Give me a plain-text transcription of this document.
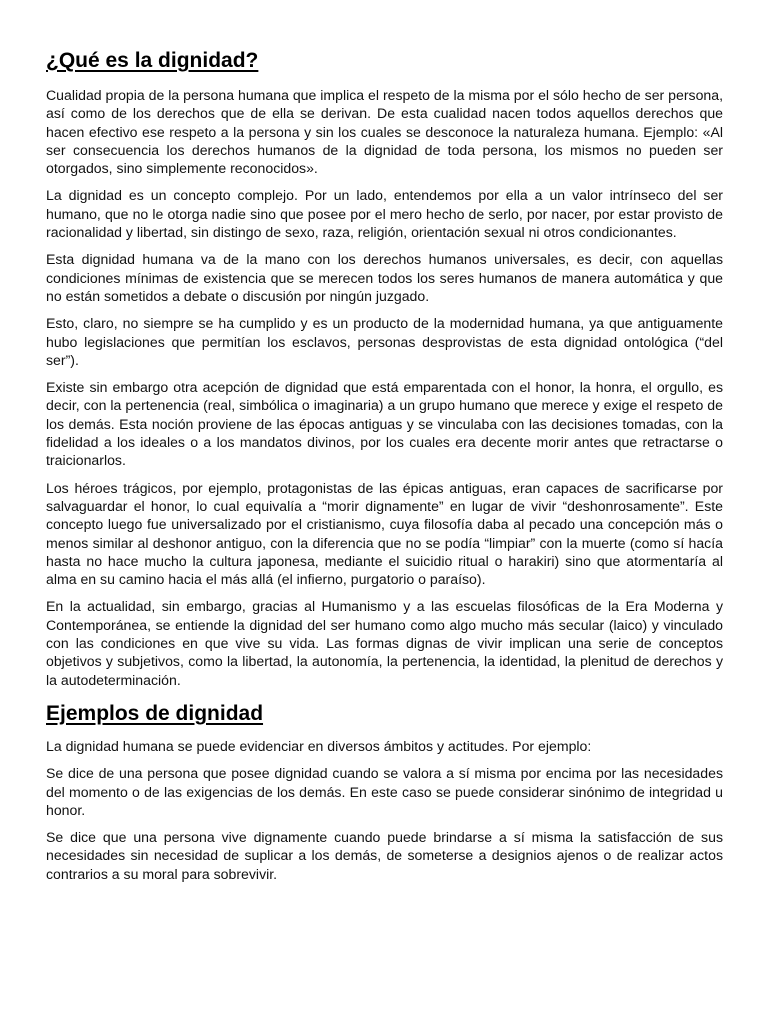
¿Qué es la dignidad?

Cualidad propia de la persona humana que implica el respeto de la misma por el sólo hecho de ser persona, así como de los derechos que de ella se derivan. De esta cualidad nacen todos aquellos derechos que hacen efectivo ese respeto a la persona y sin los cuales se desconoce la naturaleza humana. Ejemplo: «Al ser consecuencia los derechos humanos de la dignidad de toda persona, los mismos no pueden ser otorgados, sino simplemente reconocidos».

La dignidad es un concepto complejo. Por un lado, entendemos por ella a un valor intrínseco del ser humano, que no le otorga nadie sino que posee por el mero hecho de serlo, por nacer, por estar provisto de racionalidad y libertad, sin distingo de sexo, raza, religión, orientación sexual ni otros condicionantes.

Esta dignidad humana va de la mano con los derechos humanos universales, es decir, con aquellas condiciones mínimas de existencia que se merecen todos los seres humanos de manera automática y que no están sometidos a debate o discusión por ningún juzgado.

Esto, claro, no siempre se ha cumplido y es un producto de la modernidad humana, ya que antiguamente hubo legislaciones que permitían los esclavos, personas desprovistas de esta dignidad ontológica (“del ser”).

Existe sin embargo otra acepción de dignidad que está emparentada con el honor, la honra, el orgullo, es decir, con la pertenencia (real, simbólica o imaginaria) a un grupo humano que merece y exige el respeto de los demás. Esta noción proviene de las épocas antiguas y se vinculaba con las decisiones tomadas, con la fidelidad a los ideales o a los mandatos divinos, por los cuales era decente morir antes que retractarse o traicionarlos.

Los héroes trágicos, por ejemplo, protagonistas de las épicas antiguas, eran capaces de sacrificarse por salvaguardar el honor, lo cual equivalía a “morir dignamente” en lugar de vivir “deshonrosamente”. Este concepto luego fue universalizado por el cristianismo, cuya filosofía daba al pecado una concepción más o menos similar al deshonor antiguo, con la diferencia que no se podía “limpiar” con la muerte (como sí hacía hasta no hace mucho la cultura japonesa, mediante el suicidio ritual o harakiri) sino que atormentaría al alma en su camino hacia el más allá (el infierno, purgatorio o paraíso).

En la actualidad, sin embargo, gracias al Humanismo y a las escuelas filosóficas de la Era Moderna y Contemporánea, se entiende la dignidad del ser humano como algo mucho más secular (laico) y vinculado con las condiciones en que vive su vida. Las formas dignas de vivir implican una serie de conceptos objetivos y subjetivos, como la libertad, la autonomía, la pertenencia, la identidad, la plenitud de derechos y la autodeterminación.

Ejemplos de dignidad

La dignidad humana se puede evidenciar en diversos ámbitos y actitudes. Por ejemplo:

Se dice de una persona que posee dignidad cuando se valora a sí misma por encima por las necesidades del momento o de las exigencias de los demás. En este caso se puede considerar sinónimo de integridad u honor.

Se dice que una persona vive dignamente cuando puede brindarse a sí misma la satisfacción de sus necesidades sin necesidad de suplicar a los demás, de someterse a designios ajenos o de realizar actos contrarios a su moral para sobrevivir.
